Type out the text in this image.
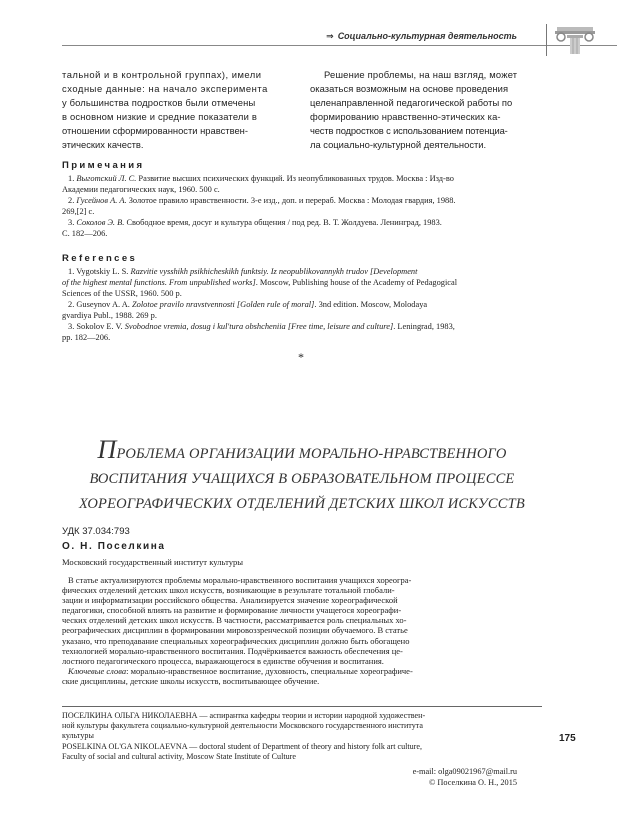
⇒ Социально-культурная деятельность
тальной и в контрольной группах), имели
сходные данные: на начало эксперимента
у большинства подростков были отмечены
в основном низкие и средние показатели в
отношении сформированности нравствен-
этических качеств.
Решение проблемы, на наш взгляд, может
оказаться возможным на основе проведения
целенаправленной педагогической работы по
формированию нравственно-этических ка-
честв подростков с использованием потенциа-
ла социально-культурной деятельности.
Примечания
1. Выготский Л. С. Развитие высших психических функций. Из неопубликованных трудов. Москва : Изд-во
Академии педагогических наук, 1960. 500 с.
2. Гусейнов А. А. Золотое правило нравственности. 3-е изд., доп. и перераб. Москва : Молодая гвардия, 1988.
269,[2] с.
3. Соколов Э. В. Свободное время, досуг и культура общения / под ред. В. Т. Жолдуева. Ленинград, 1983.
С. 182—206.
References
1. Vygotskiy L. S. Razvitie vysshikh psikhicheskikh funktsiy. Iz neopublikovannykh trudov [Development
of the highest mental functions. From unpublished works]. Moscow, Publishing house of the Academy of Pedagogical
Sciences of the USSR, 1960. 500 p.
2. Guseynov A. A. Zolotoe pravilo nravstvennosti [Golden rule of moral]. 3nd edition. Moscow, Molodaya
gvardiya Publ., 1988. 269 p.
3. Sokolov E. V. Svobodnoe vremia, dosug i kul'tura obshcheniia [Free time, leisure and culture]. Leningrad, 1983,
pp. 182—206.
*
ПРОБЛЕМА ОРГАНИЗАЦИИ МОРАЛЬНО-НРАВСТВЕННОГО
ВОСПИТАНИЯ УЧАЩИХСЯ В ОБРАЗОВАТЕЛЬНОМ ПРОЦЕССЕ
ХОРЕОГРАФИЧЕСКИХ ОТДЕЛЕНИЙ ДЕТСКИХ ШКОЛ ИСКУССТВ
УДК 37.034:793
О. Н. Поселкина
Московский государственный институт культуры
В статье актуализируются проблемы морально-нравственного воспитания учащихся хореогра-
фических отделений детских школ искусств, возникающие в результате тотальной глобали-
зации и информатизации российского общества. Анализируется значение хореографической
педагогики, способной влиять на развитие и формирование личности учащегося хореографи-
ческих отделений детских школ искусств. В частности, рассматривается роль специальных хо-
реографических дисциплин в формировании мировоззренческой позиции обучаемого. В статье
указано, что преподавание специальных хореографических дисциплин должно быть обогащено
технологией морально-нравственного воспитания. Подчёркивается важность обеспечения це-
лостного педагогического процесса, выражающегося в единстве обучения и воспитания.
Ключевые слова: морально-нравственное воспитание, духовность, специальные хореографиче-
ские дисциплины, детские школы искусств, воспитывающее обучение.
ПОСЕЛКИНА ОЛЬГА НИКОЛАЕВНА — аспирантка кафедры теории и истории народной художествен-
ной культуры факультета социально-культурной деятельности Московского государственного института
культуры
POSELKINA OL'GA NIKOLAEVNA — doctoral student of Department of theory and history folk art culture,
Faculty of social and cultural activity, Moscow State Institute of Culture
175
e-mail: olga09021967@mail.ru
© Поселкина О. Н., 2015
